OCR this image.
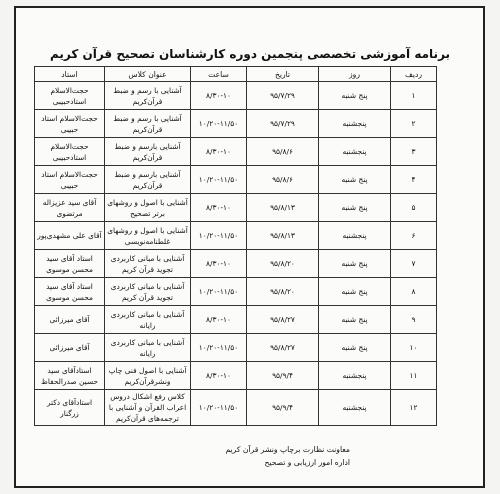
برنامه آموزشی تخصصی پنجمین دوره کارشناسان تصحیح قرآن کریم
ردیف	روز	تاریخ	ساعت	عنوان کلاس	استاد
۱	پنج شنبه	۹۵/۷/۲۹	۸/۳۰-۱۰	آشنایی با رسم و ضبط قرآن‌کریم	حجت‌الاسلام استادحبیبی
۲	پنجشنبه	۹۵/۷/۲۹	۱۰/۲۰-۱۱/۵۰	آشنایی با رسم و ضبط قرآن‌کریم	حجت‌الاسلام استاد حبیبی
۳	پنجشنبه	۹۵/۸/۶	۸/۳۰-۱۰	آشنایی بارسم و ضبط قرآن‌کریم	حجت‌الاسلام استادحبیبی
۴	پنج شنبه	۹۵/۸/۶	۱۰/۲۰-۱۱/۵۰	آشنایی بارسم و ضبط قرآن‌کریم	حجت‌الاسلام استاد حبیبی
۵	پنج شنبه	۹۵/۸/۱۳	۸/۳۰-۱۰	آشنایی با اصول و روشهای برتر تصحیح	آقای سید عزیزاله مرتضوی
۶	پنجشنبه	۹۵/۸/۱۳	۱۰/۲۰-۱۱/۵۰	آشنایی با اصول و روشهای غلطنامه‌نویسی	آقای علی مشهدی‌پور
۷	پنج شنبه	۹۵/۸/۲۰	۸/۳۰-۱۰	آشنایی با مبانی کاربردی تجوید قرآن کریم	استاد آقای سید محسن موسوی
۸	پنج شنبه	۹۵/۸/۲۰	۱۰/۲۰-۱۱/۵۰	آشنایی با مبانی کاربردی تجوید قرآن کریم	استاد آقای سید محسن موسوی
۹	پنج شنبه	۹۵/۸/۲۷	۸/۳۰-۱۰	آشنایی با مبانی کاربردی رایانه	آقای میرزائی
۱۰	پنج شنبه	۹۵/۸/۲۷	۱۰/۲۰-۱۱/۵۰	آشنایی با مبانی کاربردی رایانه	آقای میرزائی
۱۱	پنجشنبه	۹۵/۹/۴	۸/۳۰-۱۰	آشنایی با اصول فنی چاپ ونشرقرآن‌کریم	استادآقای سید حسین صدرالحفاظ
۱۲	پنجشنبه	۹۵/۹/۴	۱۰/۲۰-۱۱/۵۰	کلاس رفع اشکال دروس اعراب القرآن و آشنایی با ترجمه‌های قرآن‌کریم	استادآقای دکتر زرگنار
معاونت نظارت برچاپ ونشر قرآن کریم
اداره امور ارزیابی و تصحیح
